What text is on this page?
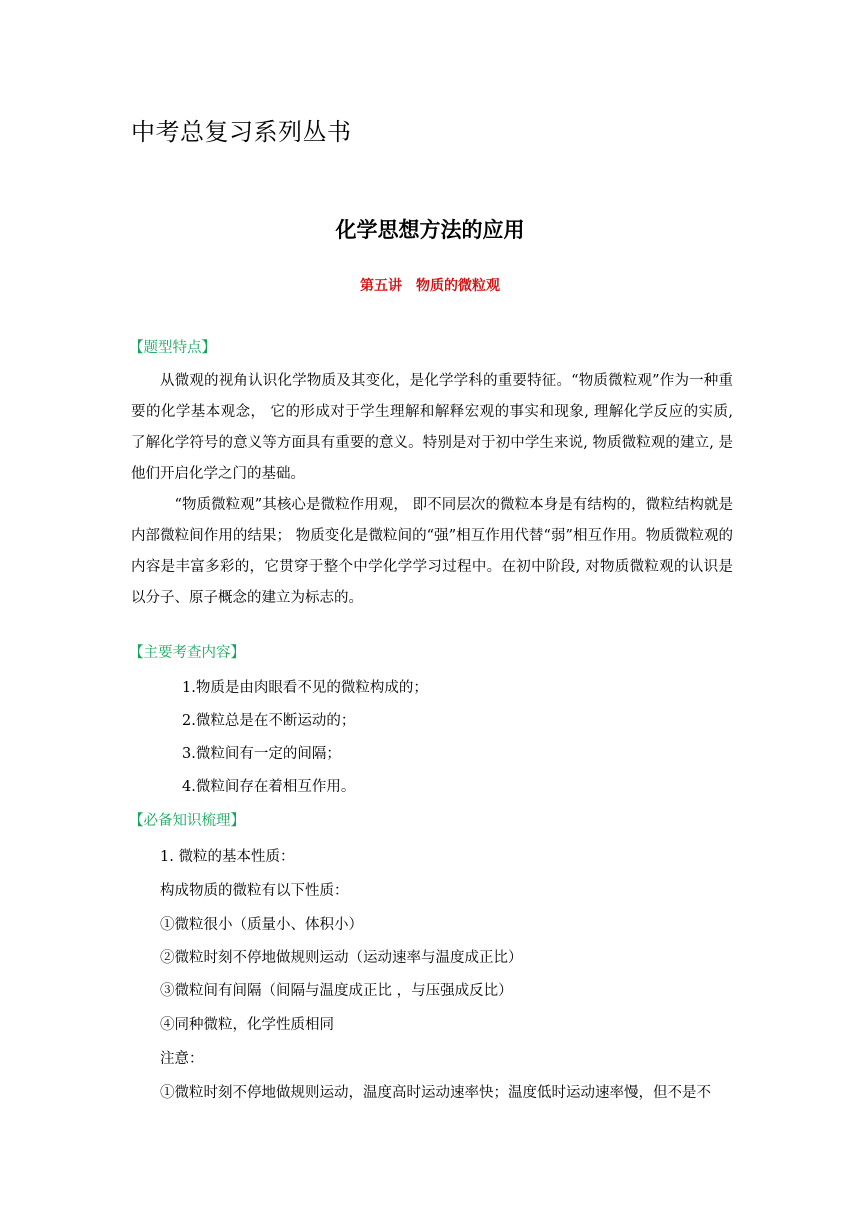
中考总复习系列丛书
化学思想方法的应用
第五讲　物质的微粒观
【题型特点】

从微观的视角认识化学物质及其变化，是化学学科的重要特征。“物质微粒观”作为一种重要的化学基本观念， 它的形成对于学生理解和解释宏观的事实和现象, 理解化学反应的实质, 了解化学符号的意义等方面具有重要的意义。特别是对于初中学生来说, 物质微粒观的建立, 是他们开启化学之门的基础。

“物质微粒观”其核心是微粒作用观， 即不同层次的微粒本身是有结构的，微粒结构就是内部微粒间作用的结果； 物质变化是微粒间的“强”相互作用代替“弱”相互作用。物质微粒观的内容是丰富多彩的，它贯穿于整个中学化学学习过程中。在初中阶段, 对物质微粒观的认识是以分子、原子概念的建立为标志的。

【主要考查内容】
1.物质是由肉眼看不见的微粒构成的；
2.微粒总是在不断运动的；
3.微粒间有一定的间隔；
4.微粒间存在着相互作用。
【必备知识梳理】
1. 微粒的基本性质：
构成物质的微粒有以下性质：
①微粒很小（质量小、体积小）
②微粒时刻不停地做规则运动（运动速率与温度成正比）
③微粒间有间隔（间隔与温度成正比 ，与压强成反比）
④同种微粒，化学性质相同
注意：
①微粒时刻不停地做规则运动，温度高时运动速率快；温度低时运动速率慢，但不是不
